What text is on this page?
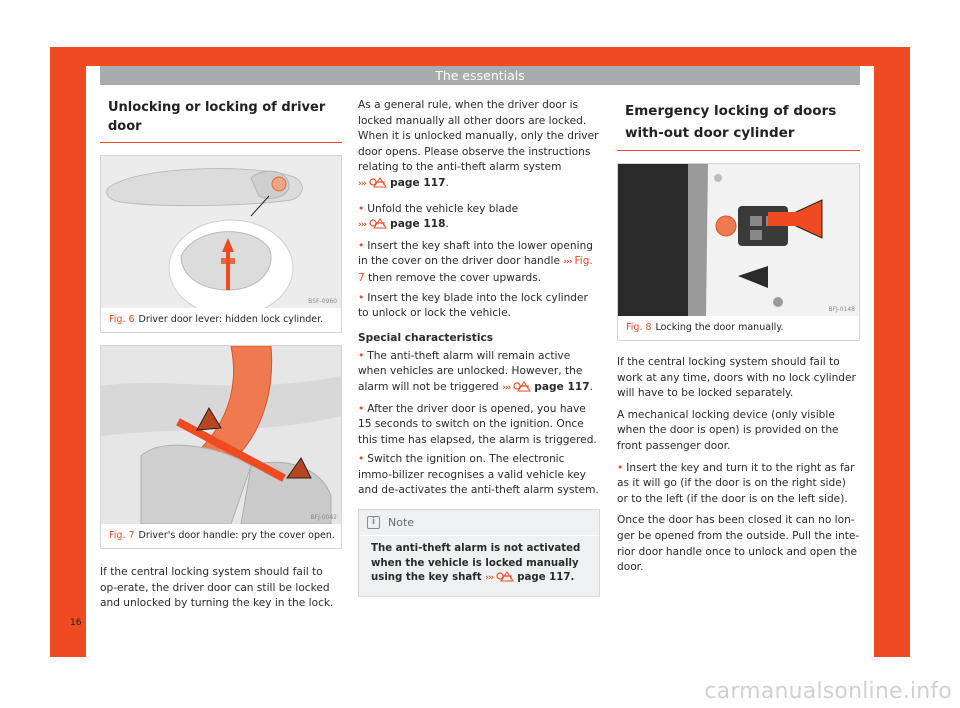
The essentials
Unlocking or locking of driver door
B5F-0960
Fig. 6 Driver door lever: hidden lock cylinder.
BFJ-0042
Fig. 7 Driver's door handle: pry the cover open.

If the central locking system should fail to op-erate, the driver door can still be locked and unlocked by turning the key in the lock.

As a general rule, when the driver door is locked manually all other doors are locked. When it is unlocked manually, only the driver door opens. Please observe the instructions relating to the anti-theft alarm system
››› page 117.

• Unfold the vehicle key blade
››› page 118.

• Insert the key shaft into the lower opening in the cover on the driver door handle ››› Fig. 7 then remove the cover upwards.

• Insert the key blade into the lock cylinder to unlock or lock the vehicle.

Special characteristics

• The anti-theft alarm will remain active when vehicles are unlocked. However, the alarm will not be triggered ››› page 117.

• After the driver door is opened, you have 15 seconds to switch on the ignition. Once this time has elapsed, the alarm is triggered.

• Switch the ignition on. The electronic immo-bilizer recognises a valid vehicle key and de-activates the anti-theft alarm system.

i	Note
The anti-theft alarm is not activated when the vehicle is locked manually using the key shaft ››› page 117.
Emergency locking of doors with-out door cylinder
BFJ-0148
Fig. 8 Locking the door manually.

If the central locking system should fail to work at any time, doors with no lock cylinder will have to be locked separately.

A mechanical locking device (only visible when the door is open) is provided on the front passenger door.

• Insert the key and turn it to the right as far as it will go (if the door is on the right side) or to the left (if the door is on the left side).

Once the door has been closed it can no lon-ger be opened from the outside. Pull the inte-rior door handle once to unlock and open the door.

16
carmanualsonline.info
